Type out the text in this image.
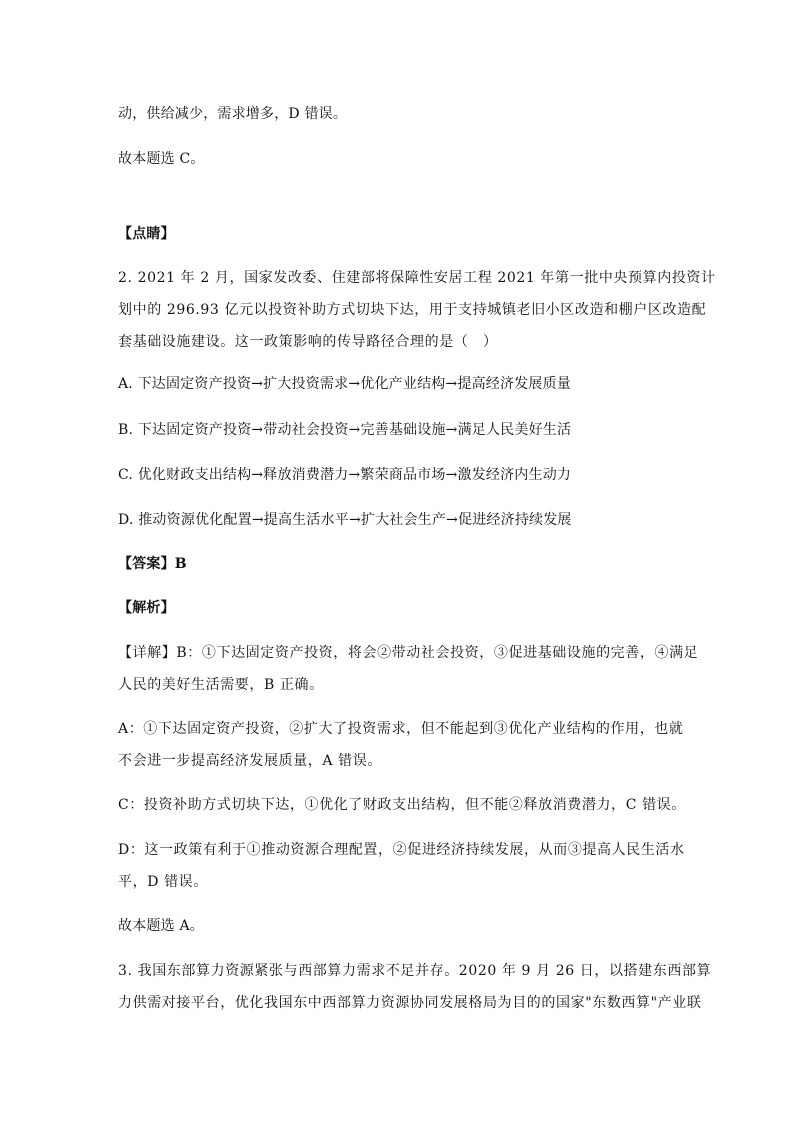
动，供给减少，需求增多，D 错误。
故本题选 C。
【点睛】
2. 2021 年 2 月，国家发改委、住建部将保障性安居工程 2021 年第一批中央预算内投资计
划中的 296.93 亿元以投资补助方式切块下达，用于支持城镇老旧小区改造和棚户区改造配
套基础设施建设。这一政策影响的传导路径合理的是（　）
A. 下达固定资产投资→扩大投资需求→优化产业结构→提高经济发展质量
B. 下达固定资产投资→带动社会投资→完善基础设施→满足人民美好生活
C. 优化财政支出结构→释放消费潜力→繁荣商品市场→激发经济内生动力
D. 推动资源优化配置→提高生活水平→扩大社会生产→促进经济持续发展
【答案】B
【解析】
【详解】B：①下达固定资产投资，将会②带动社会投资，③促进基础设施的完善，④满足
人民的美好生活需要，B 正确。
A：①下达固定资产投资，②扩大了投资需求，但不能起到③优化产业结构的作用，也就
不会进一步提高经济发展质量，A 错误。
C：投资补助方式切块下达，①优化了财政支出结构，但不能②释放消费潜力，C 错误。
D：这一政策有利于①推动资源合理配置，②促进经济持续发展，从而③提高人民生活水
平，D 错误。
故本题选 A。
3. 我国东部算力资源紧张与西部算力需求不足并存。2020 年 9 月 26 日，以搭建东西部算
力供需对接平台，优化我国东中西部算力资源协同发展格局为目的的国家"东数西算"产业联
